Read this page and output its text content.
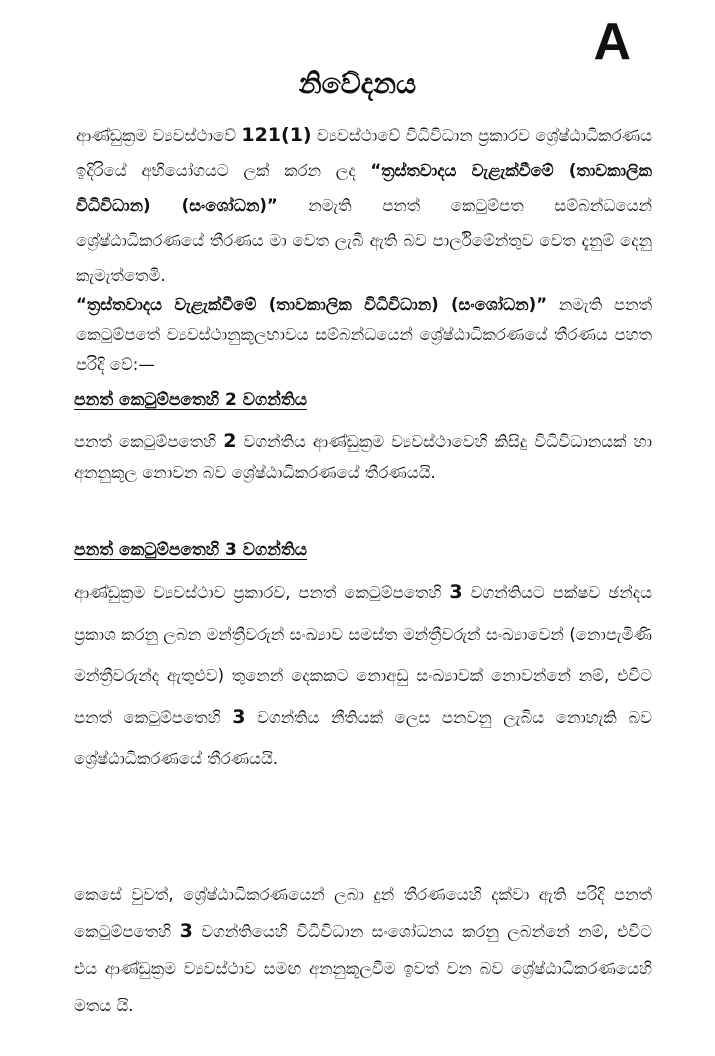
A
නිවේදනය

ආණ්ඩුක්‍රම ව්‍යවස්ථාවේ 121(1) ව්‍යවස්ථාවේ විධිවිධාන ප්‍රකාරව ශ්‍රේෂ්ඨාධිකරණය ඉදිරියේ අභියෝගයට ලක් කරන ලද “ත්‍රස්තවාදය වැළැක්වීමේ (තාවකාලික විධිවිධාන) (සංශෝධන)” නමැති පනත් කෙටුම්පත සම්බන්ධයෙන් ශ්‍රේෂ්ඨාධිකරණයේ තීරණය මා වෙත ලැබී ඇති බව පාර්ලිමේන්තුව වෙත දැනුම් දෙනු කැමැත්තෙමි.

“ත්‍රස්තවාදය වැළැක්වීමේ (තාවකාලික විධිවිධාන) (සංශෝධන)” නමැති පනත් කෙටුම්පතේ ව්‍යවස්ථානුකූලභාවය සම්බන්ධයෙන් ශ්‍රේෂ්ඨාධිකරණයේ තීරණය පහත පරිදි වේ:—

පනත් කෙටුම්පතෙහි 2 වගන්තිය

පනත් කෙටුම්පතෙහි 2 වගන්තිය ආණ්ඩුක්‍රම ව්‍යවස්ථාවෙහි කිසිදු විධිවිධානයක් හා අනනුකූල නොවන බව ශ්‍රේෂ්ඨාධිකරණයේ තීරණයයි.

පනත් කෙටුම්පතෙහි 3 වගන්තිය

ආණ්ඩුක්‍රම ව්‍යවස්ථාව ප්‍රකාරව, පනත් කෙටුම්පතෙහි 3 වගන්තියට පක්ෂව ඡන්දය ප්‍රකාශ කරනු ලබන මන්ත්‍රීවරුන් සංඛ්‍යාව සමස්ත මන්ත්‍රීවරුන් සංඛ්‍යාවෙන් (නොපැමිණි මන්ත්‍රීවරුන්ද ඇතුළුව) තුනෙන් දෙකකට නොඅඩු සංඛ්‍යාවක් නොවන්නේ නම්, එවිට පනත් කෙටුම්පතෙහි 3 වගන්තිය නීතියක් ලෙස පනවනු ලැබිය නොහැකි බව ශ්‍රේෂ්ඨාධිකරණයේ තීරණයයි.

කෙසේ වුවත්, ශ්‍රේෂ්ඨාධිකරණයෙන් ලබා දුන් තීරණයෙහි දක්වා ඇති පරිදි පනත් කෙටුම්පතෙහි 3 වගන්තියෙහි විධිවිධාන සංශෝධනය කරනු ලබන්නේ නම්, එවිට එය ආණ්ඩුක්‍රම ව්‍යවස්ථාව සමඟ අනනුකූලවීම ඉවත් වන බව ශ්‍රේෂ්ඨාධිකරණයෙහි මතය යි.
